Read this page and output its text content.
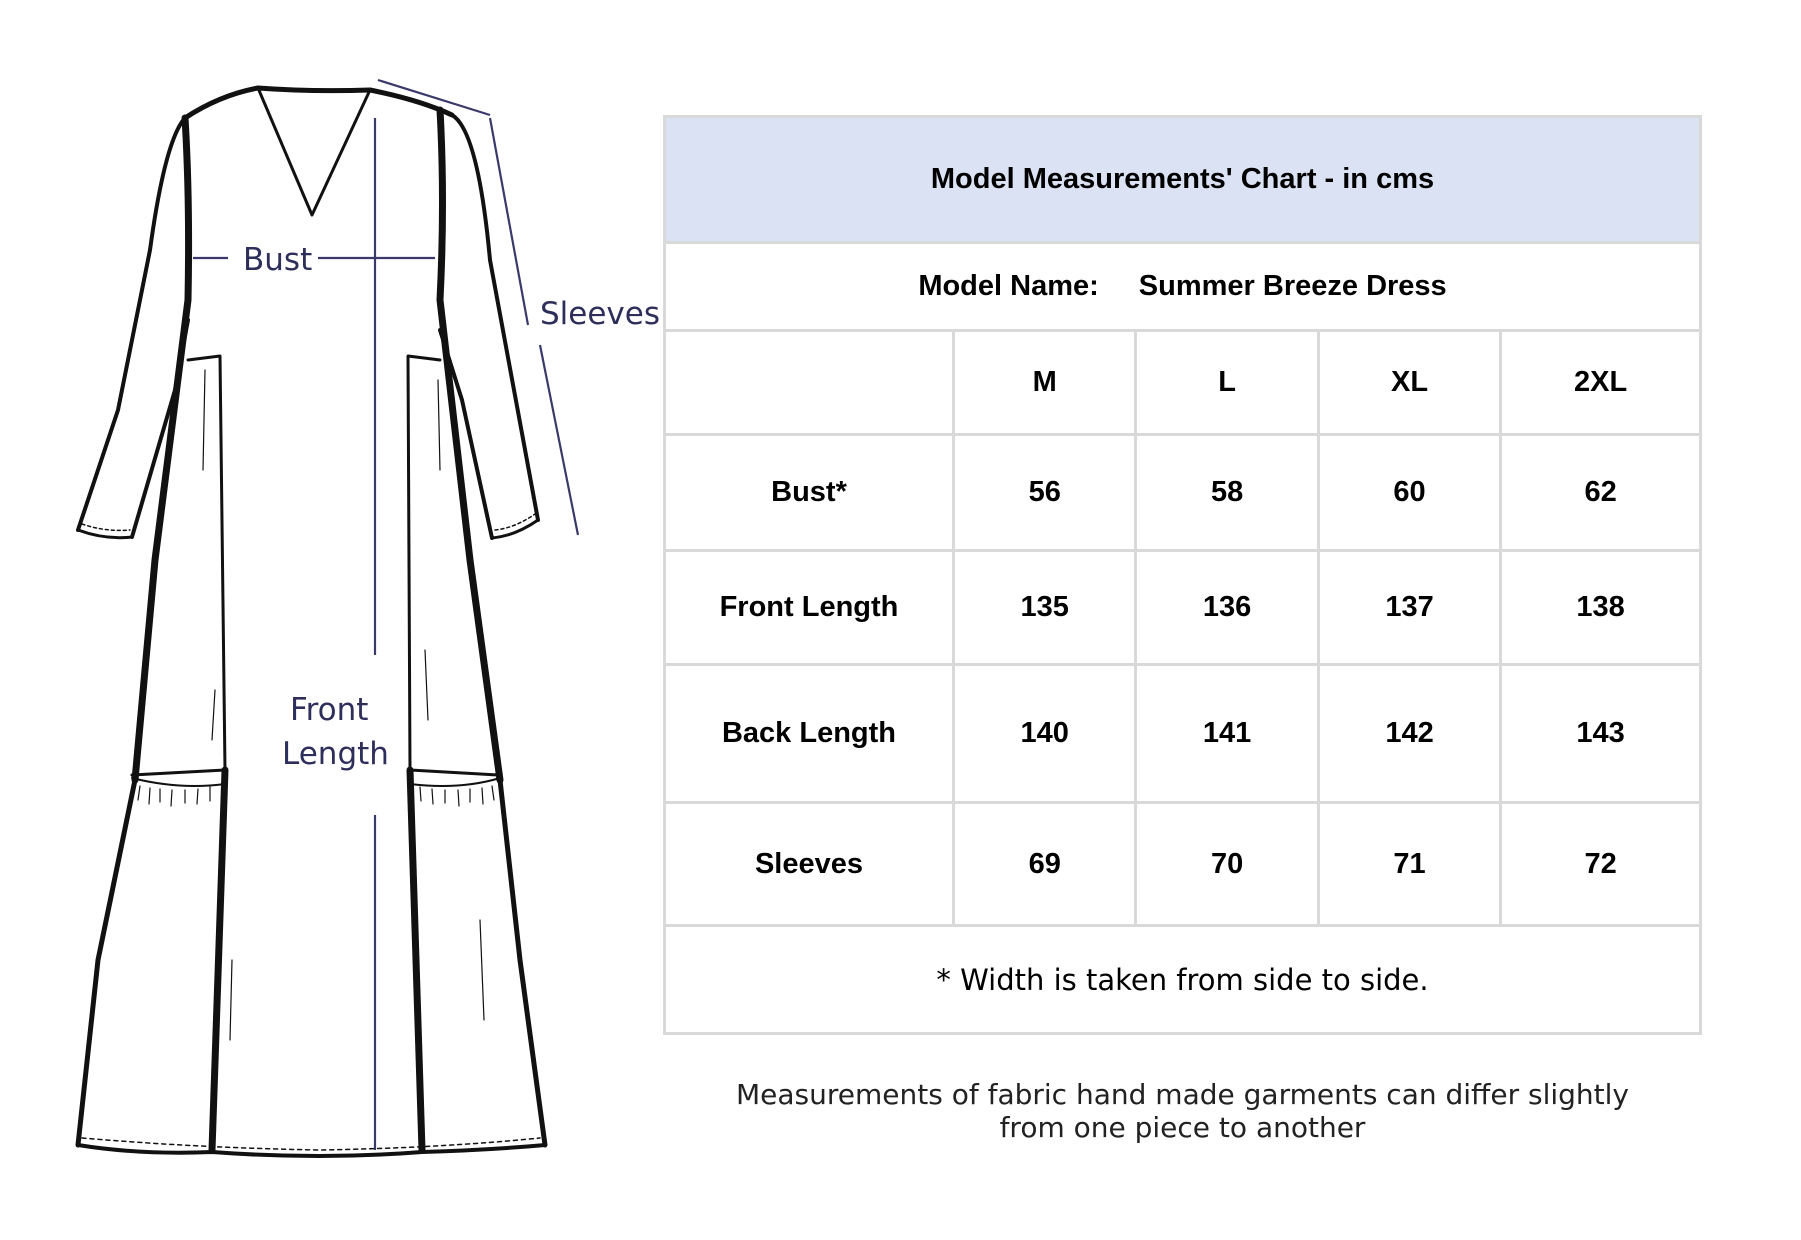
Bust
Sleeves
Front
Length
Model Measurements' Chart - in cms				
Model Name: Summer Breeze Dress				
	M	L	XL	2XL
Bust*	56	58	60	62
Front Length	135	136	137	138
Back Length	140	141	142	143
Sleeves	69	70	71	72
* Width is taken from side to side.				
Measurements of fabric hand made garments can differ slightly
from one piece to another
